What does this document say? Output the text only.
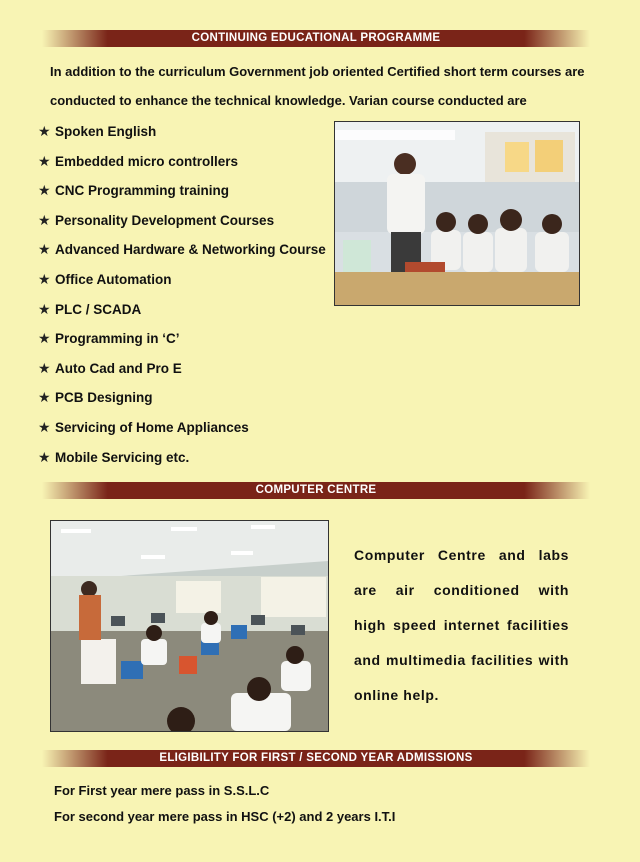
CONTINUING EDUCATIONAL PROGRAMME
In addition to the curriculum Government job oriented Certified short term courses are
conducted to enhance the technical knowledge. Varian course conducted are
★ Spoken English
★ Embedded micro controllers
★ CNC Programming training
★ Personality Development Courses
★ Advanced Hardware & Networking Course
★ Office Automation
★ PLC / SCADA
★ Programming in ‘C’
★ Auto Cad and Pro E
★ PCB Designing
★ Servicing of Home Appliances
★ Mobile Servicing etc.
COMPUTER CENTRE
Computer Centre and labs
are air conditioned with
high speed internet facilities
and multimedia facilities with
online help.
ELIGIBILITY FOR FIRST / SECOND YEAR ADMISSIONS
For First year mere pass in S.S.L.C
For second year mere pass in HSC (+2) and 2 years I.T.I
